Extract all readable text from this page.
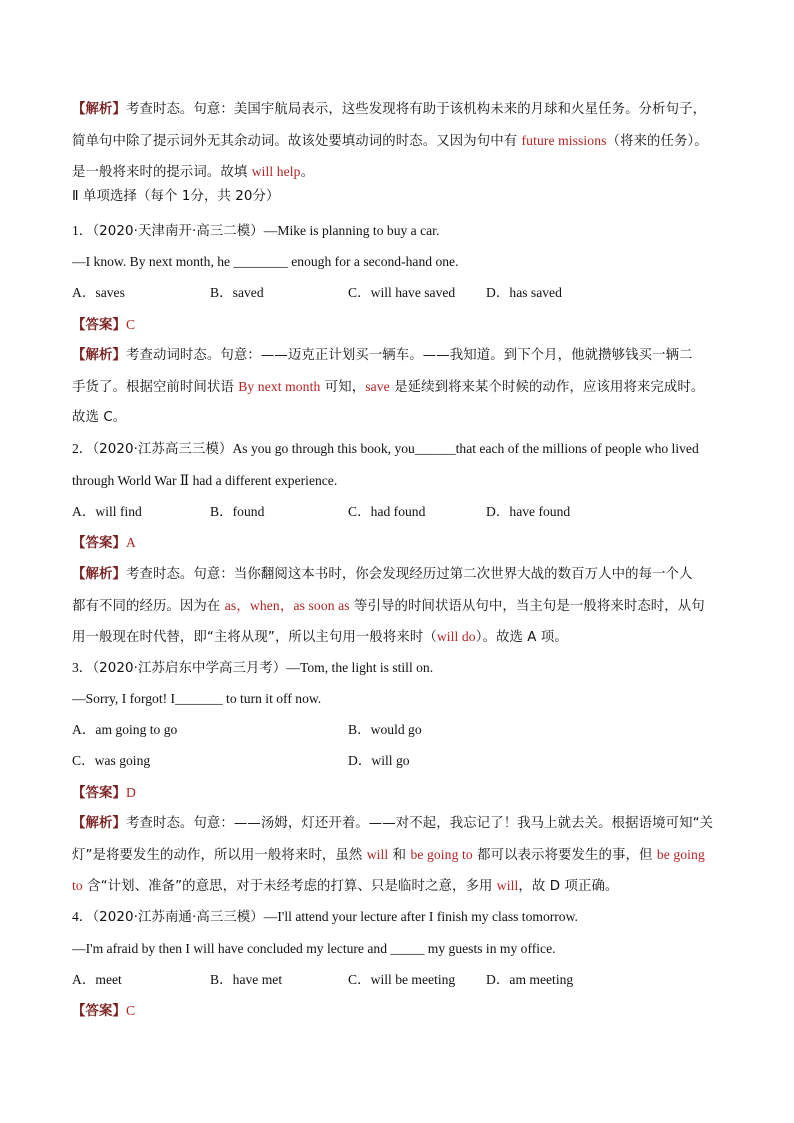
【解析】考查时态。句意：美国宇航局表示，这些发现将有助于该机构未来的月球和火星任务。分析句子，
简单句中除了提示词外无其余动词。故该处要填动词的时态。又因为句中有 future missions（将来的任务）。
是一般将来时的提示词。故填 will help。
Ⅱ 单项选择（每个 1分，共 20分）
1．（2020·天津南开·高三二模）—Mike is planning to buy a car.
—I know. By next month, he ________ enough for a second-hand one.
A．saves	B．saved	C．will have saved D．has saved
【答案】C
【解析】考查动词时态。句意：——迈克正计划买一辆车。——我知道。到下个月，他就攒够钱买一辆二
手货了。根据空前时间状语 By next month 可知，save 是延续到将来某个时候的动作，应该用将来完成时。
故选 C。
2．（2020·江苏高三三模）As you go through this book, you______that each of the millions of people who lived
through World War Ⅱ had a different experience.
A．will find	B．found	C．had found	D．have found
【答案】A
【解析】考查时态。句意：当你翻阅这本书时，你会发现经历过第二次世界大战的数百万人中的每一个人
都有不同的经历。因为在 as，when，as soon as 等引导的时间状语从句中，当主句是一般将来时态时，从句
用一般现在时代替，即“主将从现”，所以主句用一般将来时（will do）。故选 A 项。
3．（2020·江苏启东中学高三月考）—Tom, the light is still on.
—Sorry, I forgot! I_______ to turn it off now.
A．am going to go	B．would go
C．was going	D．will go
【答案】D
【解析】考查时态。句意：——汤姆，灯还开着。——对不起，我忘记了！我马上就去关。根据语境可知“关
灯”是将要发生的动作，所以用一般将来时，虽然 will 和 be going to 都可以表示将要发生的事，但 be going
to 含“计划、准备”的意思，对于未经考虑的打算、只是临时之意，多用 will，故 D 项正确。
4．（2020·江苏南通·高三三模）—I'll attend your lecture after I finish my class tomorrow.
—I'm afraid by then I will have concluded my lecture and _____ my guests in my office.
A．meet	B．have met	C．will be meeting D．am meeting
【答案】C
